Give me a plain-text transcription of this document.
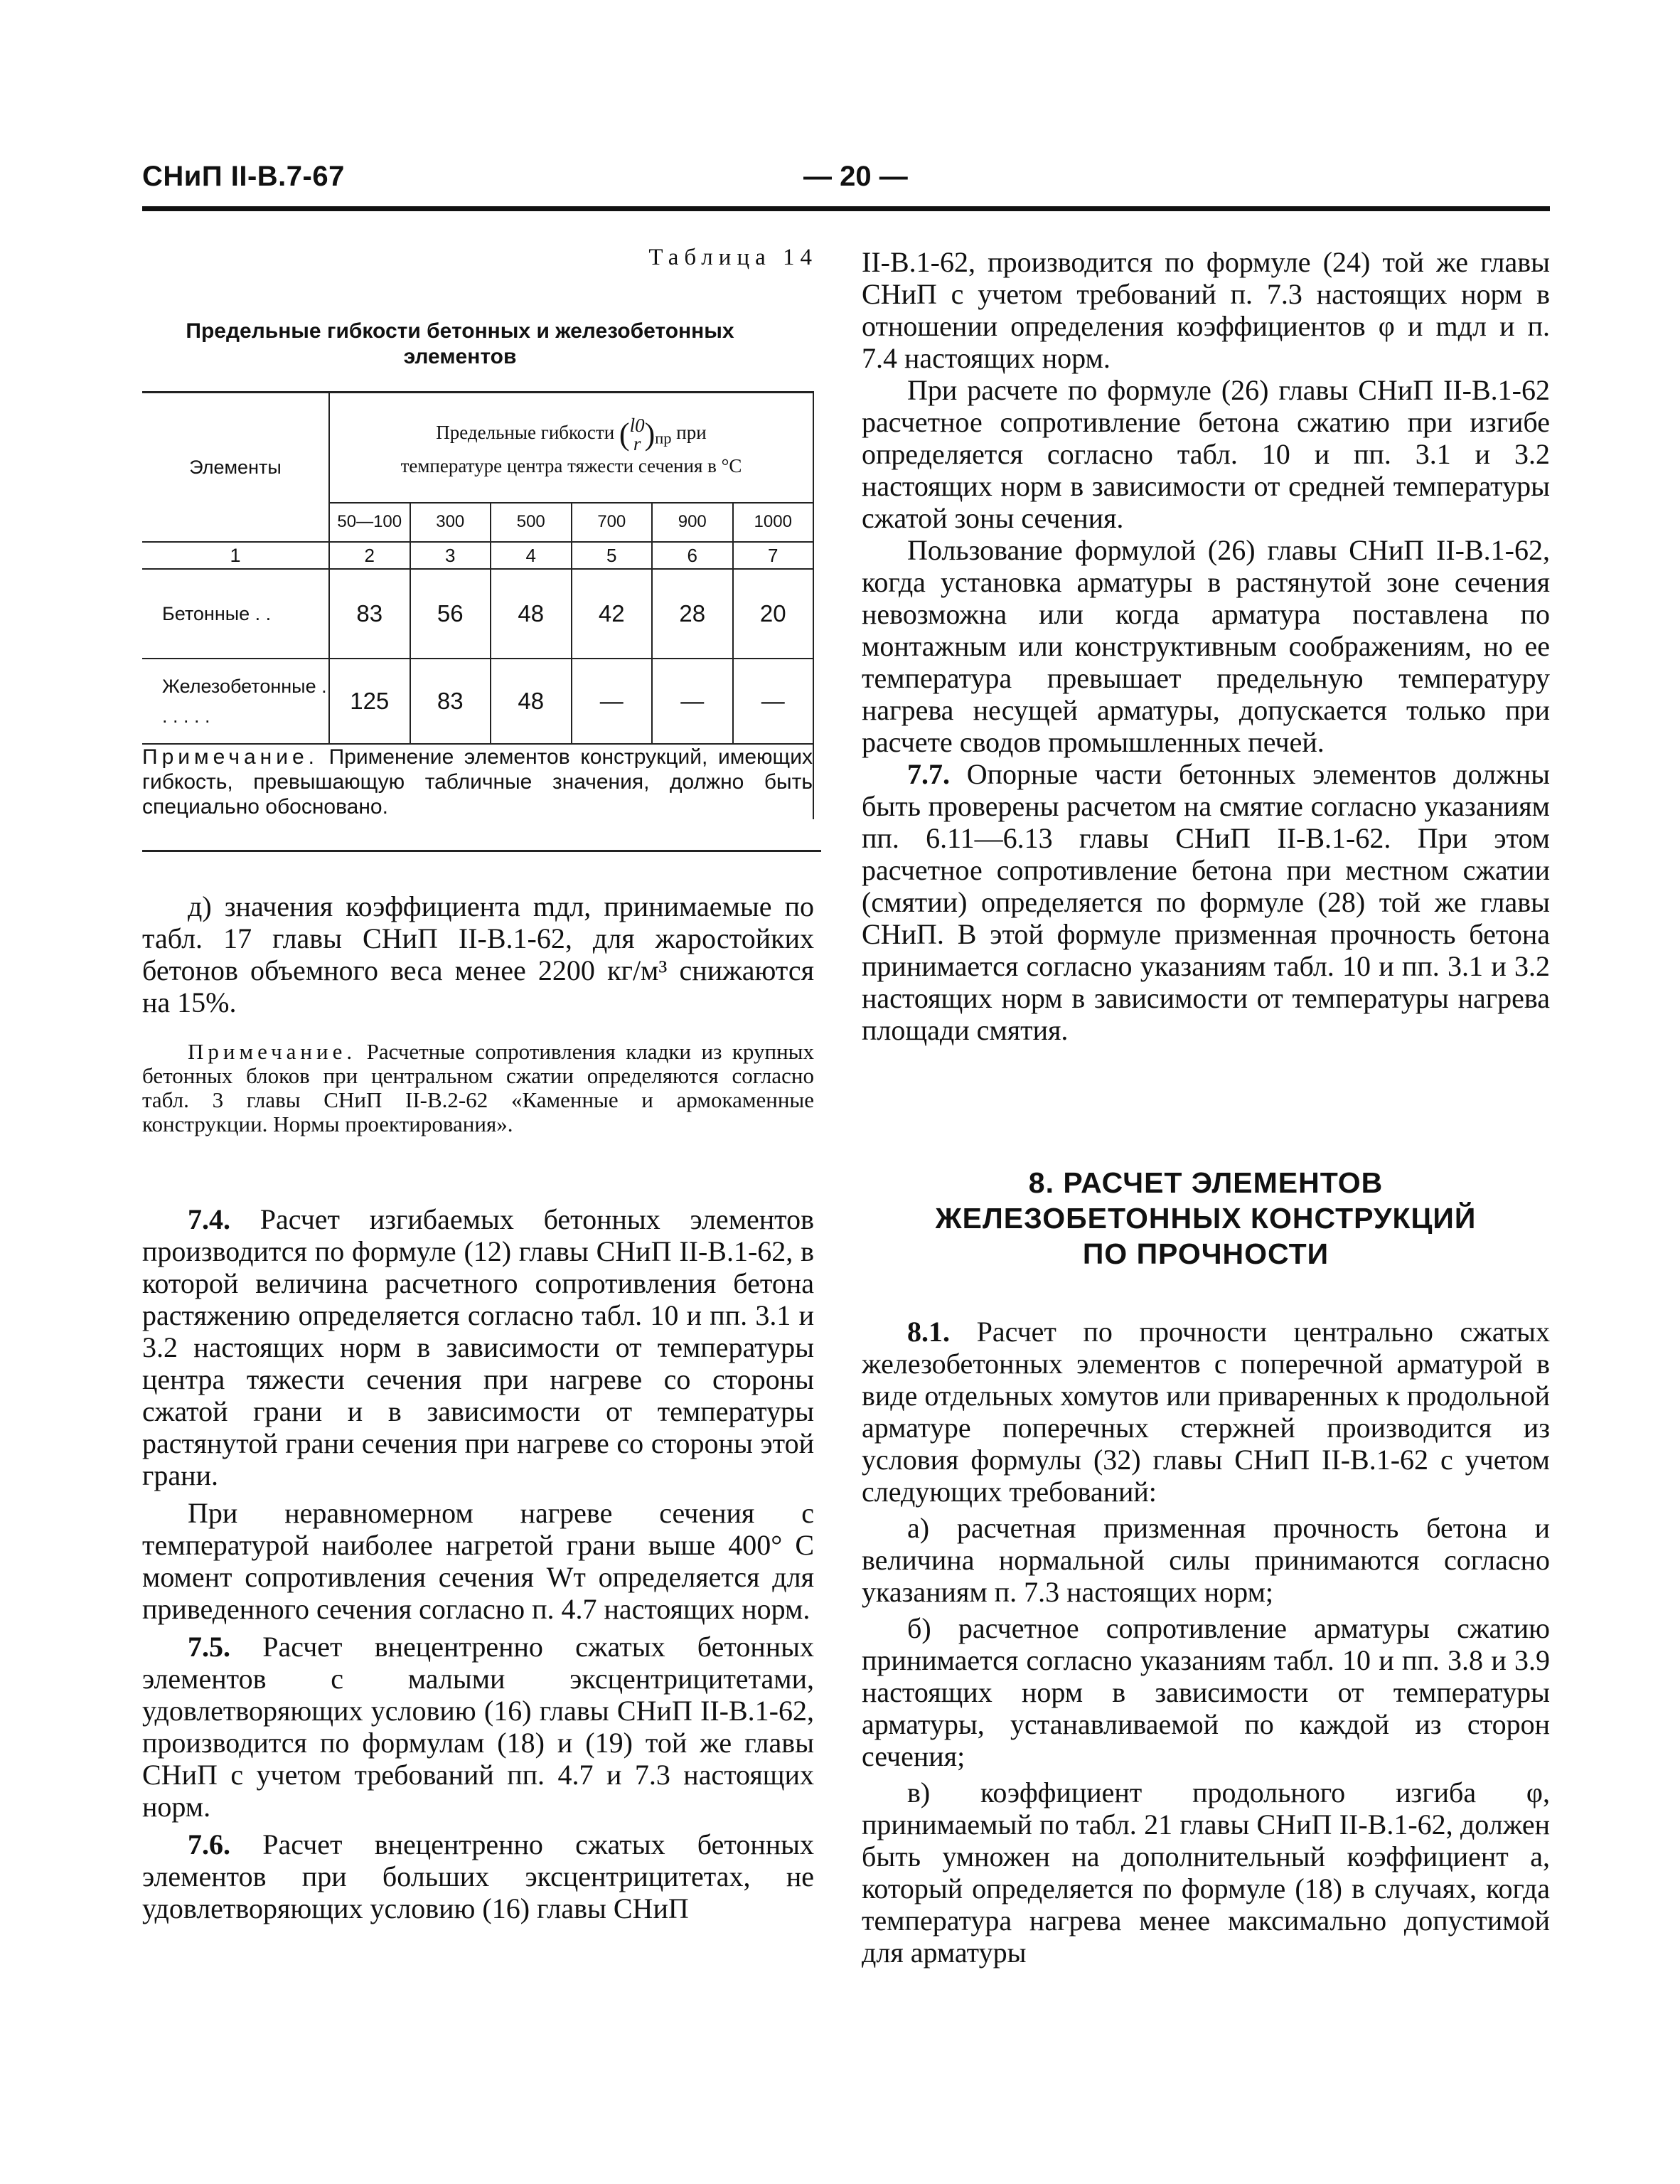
СНиП II-В.7-67	— 20 —
Таблица 14
Предельные гибкости бетонных и железобетонных элементов
Элементы	Предельные гибкости (l0
r )$_{пр}$ при
температуре центра тяжести сечения в °С					

	50—100	300	500	700	900	1000
1	2	3	4	5	6	7
Бетонные . .	83	56	48	42	28	20
Железобетонные . . . . . .	125	83	48	—	—	—
Примечание. Применение элементов конструкций, имеющих гибкость, превышающую табличные значения, должно быть специально обосновано.						

д) значения коэффициента mдл, принимаемые по табл. 17 главы СНиП II-В.1-62, для жаростойких бетонов объемного веса менее 2200 кг/м³ снижаются на 15%.

Примечание. Расчетные сопротивления кладки из крупных бетонных блоков при центральном сжатии определяются согласно табл. 3 главы СНиП II-В.2-62 «Каменные и армокаменные конструкции. Нормы проектирования».

7.4. Расчет изгибаемых бетонных элементов производится по формуле (12) главы СНиП II-В.1-62, в которой величина расчетного сопротивления бетона растяжению определяется согласно табл. 10 и пп. 3.1 и 3.2 настоящих норм в зависимости от температуры центра тяжести сечения при нагреве со стороны сжатой грани и в зависимости от температуры растянутой грани сечения при нагреве со стороны этой грани.

При неравномерном нагреве сечения с температурой наиболее нагретой грани выше 400° С момент сопротивления сечения Wт определяется для приведенного сечения согласно п. 4.7 настоящих норм.

7.5. Расчет внецентренно сжатых бетонных элементов с малыми эксцентрицитетами, удовлетворяющих условию (16) главы СНиП II-В.1-62, производится по формулам (18) и (19) той же главы СНиП с учетом требований пп. 4.7 и 7.3 настоящих норм.

7.6. Расчет внецентренно сжатых бетонных элементов при больших эксцентрицитетах, не удовлетворяющих условию (16) главы СНиП

II-В.1-62, производится по формуле (24) той же главы СНиП с учетом требований п. 7.3 настоящих норм в отношении определения коэффициентов φ и mдл и п. 7.4 настоящих норм.

При расчете по формуле (26) главы СНиП II-В.1-62 расчетное сопротивление бетона сжатию при изгибе определяется согласно табл. 10 и пп. 3.1 и 3.2 настоящих норм в зависимости от средней температуры сжатой зоны сечения.

Пользование формулой (26) главы СНиП II-В.1-62, когда установка арматуры в растянутой зоне сечения невозможна или когда арматура поставлена по монтажным или конструктивным соображениям, но ее температура превышает предельную температуру нагрева несущей арматуры, допускается только при расчете сводов промышленных печей.

7.7. Опорные части бетонных элементов должны быть проверены расчетом на смятие согласно указаниям пп. 6.11—6.13 главы СНиП II-В.1-62. При этом расчетное сопротивление бетона при местном сжатии (смятии) определяется по формуле (28) той же главы СНиП. В этой формуле призменная прочность бетона принимается согласно указаниям табл. 10 и пп. 3.1 и 3.2 настоящих норм в зависимости от температуры нагрева площади смятия.

8. РАСЧЕТ ЭЛЕМЕНТОВ
ЖЕЛЕЗОБЕТОННЫХ КОНСТРУКЦИЙ
ПО ПРОЧНОСТИ

8.1. Расчет по прочности центрально сжатых железобетонных элементов с поперечной арматурой в виде отдельных хомутов или приваренных к продольной арматуре поперечных стержней производится из условия формулы (32) главы СНиП II-В.1-62 с учетом следующих требований:

а) расчетная призменная прочность бетона и величина нормальной силы принимаются согласно указаниям п. 7.3 настоящих норм;

б) расчетное сопротивление арматуры сжатию принимается согласно указаниям табл. 10 и пп. 3.8 и 3.9 настоящих норм в зависимости от температуры арматуры, устанавливаемой по каждой из сторон сечения;

в) коэффициент продольного изгиба φ, принимаемый по табл. 21 главы СНиП II-В.1-62, должен быть умножен на дополнительный коэффициент a, который определяется по формуле (18) в случаях, когда температура нагрева менее максимально допустимой для арматуры
